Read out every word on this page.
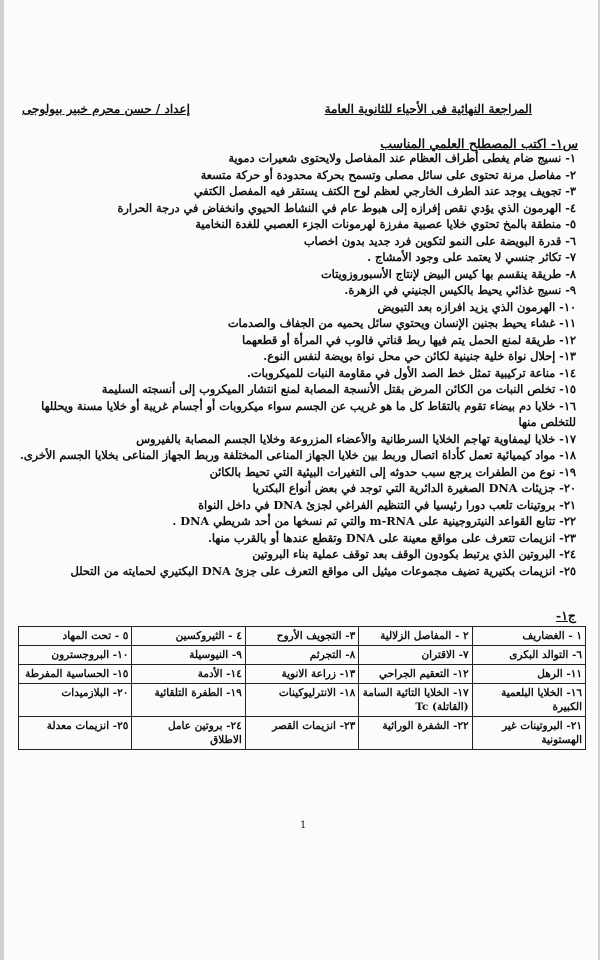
المراجعة النهائية فى الأحياء للثانوية العامة
إعداد / حسن محرم خبير بيولوجى
س١- اكتب المصطلح العلمي المناسب
١- نسيج ضام يغطى أطراف العظام عند المفاصل ولايحتوى شعيرات دموية
٢- مفاصل مرنة تحتوى على سائل مصلى وتسمح بحركة محدودة أو حركة متسعة
٣- تجويف يوجد عند الطرف الخارجي لعظم لوح الكتف يستقر فيه المفصل الكتفي
٤- الهرمون الذي يؤدي نقص إفرازه إلى هبوط عام في النشاط الحيوي وانخفاض في درجة الحرارة
٥- منطقة بالمخ تحتوي خلايا عصبية مفرزة لهرمونات الجزء العصبي للغدة النخامية
٦- قدرة البويضة على النمو لتكوين فرد جديد بدون اخصاب
٧- تكاثر جنسي لا يعتمد على وجود الأمشاج .
٨- طريقة ينقسم بها كيس البيض لإنتاج الأسبوروزويتات
٩- نسيج غذائي يحيط بالكيس الجنيني في الزهرة.
١٠- الهرمون الذي يزيد افرازه بعد التبويض
١١- غشاء يحيط بجنين الإنسان ويحتوي سائل يحميه من الجفاف والصدمات
١٢- طريقة لمنع الحمل يتم فيها ربط قناتي فالوب في المرأة أو قطعهما
١٣- إحلال نواة خلية جنينية لكائن حي محل نواة بويضة لنفس النوع.
١٤- مناعة تركيبية تمثل خط الصد الأول في مقاومة النبات للميكروبات.
١٥- تخلص النبات من الكائن المرض بقتل الأنسجة المصابة لمنع انتشار الميكروب إلى أنسجته السليمة
١٦- خلايا دم بيضاء تقوم بالتقاط كل ما هو غريب عن الجسم سواء ميكروبات أو أجسام غريبة أو خلايا مسنة ويحللها للتخلص منها
١٧- خلايا ليمفاوية تهاجم الخلايا السرطانية والأعضاء المزروعة وخلايا الجسم المصابة بالفيروس
١٨- مواد كيميائية تعمل كأداة اتصال وربط بين خلايا الجهاز المناعى المختلفة وربط الجهاز المناعى بخلايا الجسم الأخرى.
١٩- نوع من الطفرات يرجع سبب حدوثه إلى التغيرات البيئية التي تحيط بالكائن
٢٠- جزيئات DNA الصغيرة الدائرية التي توجد في بعض أنواع البكتريا
٢١- بروتينات تلعب دورا رئيسيا في التنظيم الفراغي لجزئ DNA في داخل النواة
٢٢- تتابع القواعد النيتروجينية على m-RNA والتي تم نسخها من أحد شريطي DNA .
٢٣- انزيمات تتعرف على مواقع معينة على DNA وتقطع عندها أو بالقرب منها.
٢٤- البروتين الذي يرتبط بكودون الوقف بعد توقف عملية بناء البروتين
٢٥- انزيمات بكتيرية تضيف مجموعات ميثيل الى مواقع التعرف على جزئ DNA البكتيري لحمايته من التحلل
ج١-
١ - الغضاريف	٢ - المفاصل الزلالية	٣- التجويف الأروح	٤ - الثيروكسين	٥ - تحت المهاد
٦- التوالد البكرى	٧- الاقتران	٨- التجرثم	٩- النيوسيلة	١٠- البروجسترون
١١- الرهل	١٢- التعقيم الجراحي	١٣- زراعة الانوية	١٤- الأدمة	١٥- الحساسية المفرطة
١٦- الخلايا البلعمية الكبيرة	١٧- الخلايا التائية السامة (القاتلة) Tc	١٨- الانترليوكينات	١٩- الطفرة التلقائية	٢٠- البلازميدات
٢١- البروتينات غير الهستونية	٢٢- الشفرة الوراثية	٢٣- انزيمات القصر	٢٤- بروتين عامل الاطلاق	٢٥- انزيمات معدلة
1
